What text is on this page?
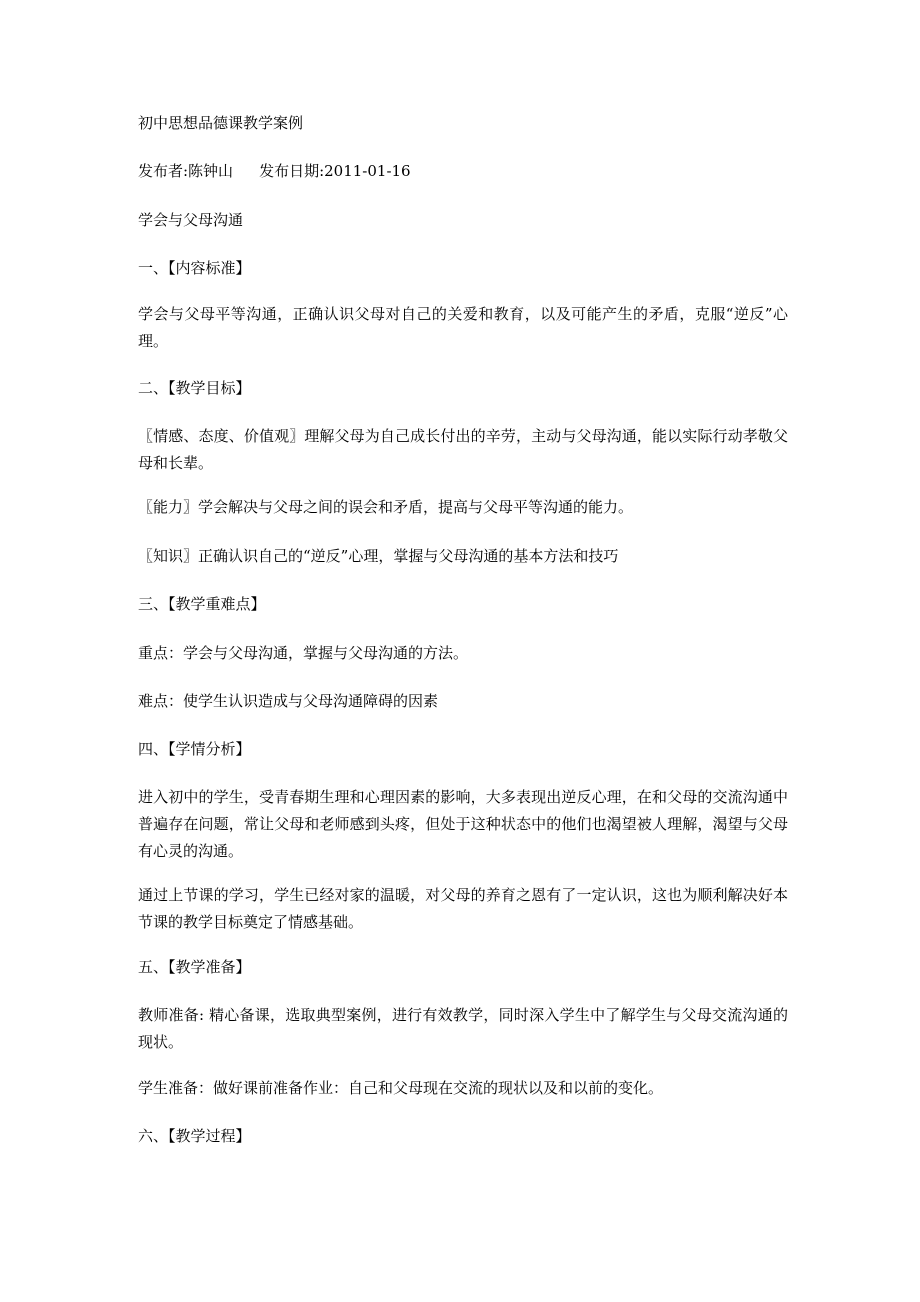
初中思想品德课教学案例

发布者:陈钟山 发布日期:2011-01-16

学会与父母沟通

一、【内容标准】

学会与父母平等沟通，正确认识父母对自己的关爱和教育，以及可能产生的矛盾，克服“逆反”心理。

二、【教学目标】

〖情感、态度、价值观〗理解父母为自己成长付出的辛劳，主动与父母沟通，能以实际行动孝敬父母和长辈。

〖能力〗学会解决与父母之间的误会和矛盾，提高与父母平等沟通的能力。

〖知识〗正确认识自己的“逆反”心理，掌握与父母沟通的基本方法和技巧

三、【教学重难点】

重点：学会与父母沟通，掌握与父母沟通的方法。

难点：使学生认识造成与父母沟通障碍的因素

四、【学情分析】

进入初中的学生，受青春期生理和心理因素的影响，大多表现出逆反心理，在和父母的交流沟通中普遍存在问题，常让父母和老师感到头疼，但处于这种状态中的他们也渴望被人理解，渴望与父母有心灵的沟通。

通过上节课的学习，学生已经对家的温暖，对父母的养育之恩有了一定认识，这也为顺利解决好本节课的教学目标奠定了情感基础。

五、【教学准备】

教师准备: 精心备课，选取典型案例，进行有效教学，同时深入学生中了解学生与父母交流沟通的现状。

学生准备：做好课前准备作业：自己和父母现在交流的现状以及和以前的变化。

六、【教学过程】
